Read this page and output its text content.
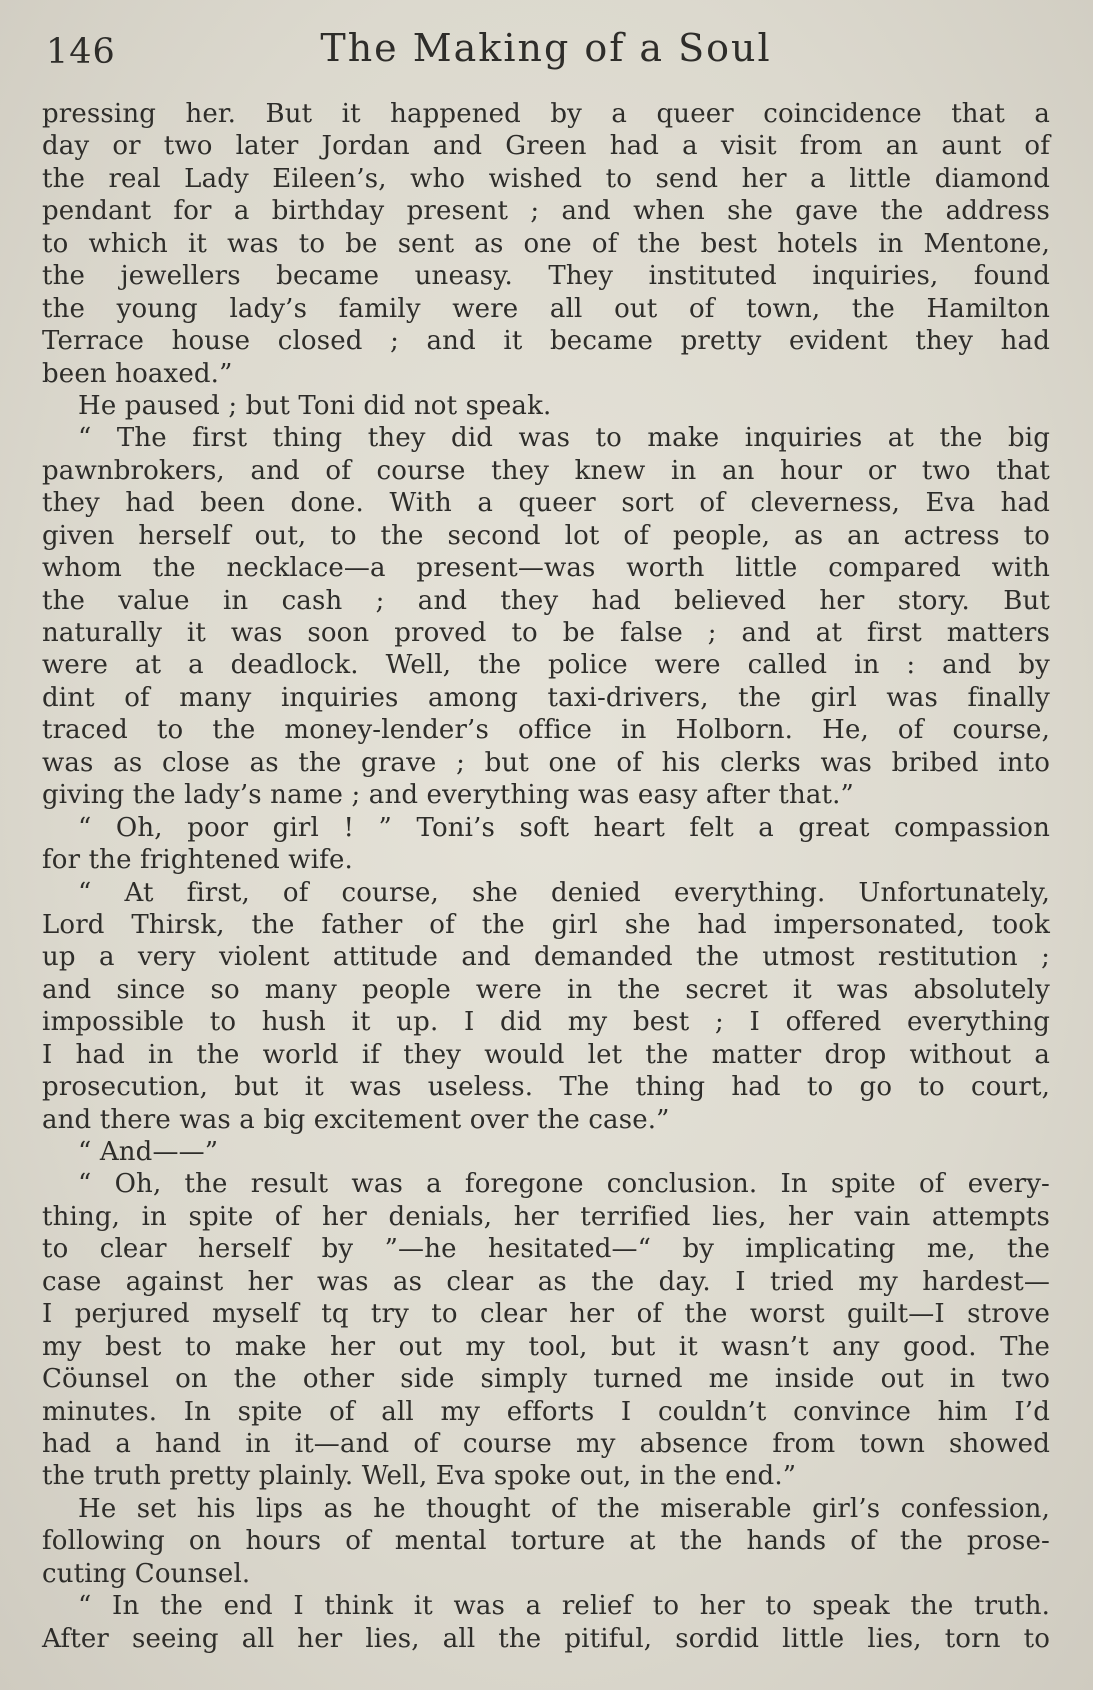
146	The Making of a Soul
pressing her. But it happened by a queer coincidence that a
day or two later Jordan and Green had a visit from an aunt of
the real Lady Eileen’s, who wished to send her a little diamond
pendant for a birthday present ; and when she gave the address
to which it was to be sent as one of the best hotels in Mentone,
the jewellers became uneasy. They instituted inquiries, found
the young lady’s family were all out of town, the Hamilton
Terrace house closed ; and it became pretty evident they had
been hoaxed.”
He paused ; but Toni did not speak.
“ The first thing they did was to make inquiries at the big
pawnbrokers, and of course they knew in an hour or two that
they had been done. With a queer sort of cleverness, Eva had
given herself out, to the second lot of people, as an actress to
whom the necklace—a present—was worth little compared with
the value in cash ; and they had believed her story. But
naturally it was soon proved to be false ; and at first matters
were at a deadlock. Well, the police were called in : and by
dint of many inquiries among taxi-drivers, the girl was finally
traced to the money-lender’s office in Holborn. He, of course,
was as close as the grave ; but one of his clerks was bribed into
giving the lady’s name ; and everything was easy after that.”
“ Oh, poor girl ! ” Toni’s soft heart felt a great compassion
for the frightened wife.
“ At first, of course, she denied everything. Unfortunately,
Lord Thirsk, the father of the girl she had impersonated, took
up a very violent attitude and demanded the utmost restitution ;
and since so many people were in the secret it was absolutely
impossible to hush it up. I did my best ; I offered everything
I had in the world if they would let the matter drop without a
prosecution, but it was useless. The thing had to go to court,
and there was a big excitement over the case.”
“ And——”
“ Oh, the result was a foregone conclusion. In spite of every-
thing, in spite of her denials, her terrified lies, her vain attempts
to clear herself by ”—he hesitated—“ by implicating me, the
case against her was as clear as the day. I tried my hardest—
I perjured myself tq try to clear her of the worst guilt—I strove
my best to make her out my tool, but it wasn’t any good. The
Cöunsel on the other side simply turned me inside out in two
minutes. In spite of all my efforts I couldn’t convince him I’d
had a hand in it—and of course my absence from town showed
the truth pretty plainly. Well, Eva spoke out, in the end.”
He set his lips as he thought of the miserable girl’s confession,
following on hours of mental torture at the hands of the prose-
cuting Counsel.
“ In the end I think it was a relief to her to speak the truth.
After seeing all her lies, all the pitiful, sordid little lies, torn to
